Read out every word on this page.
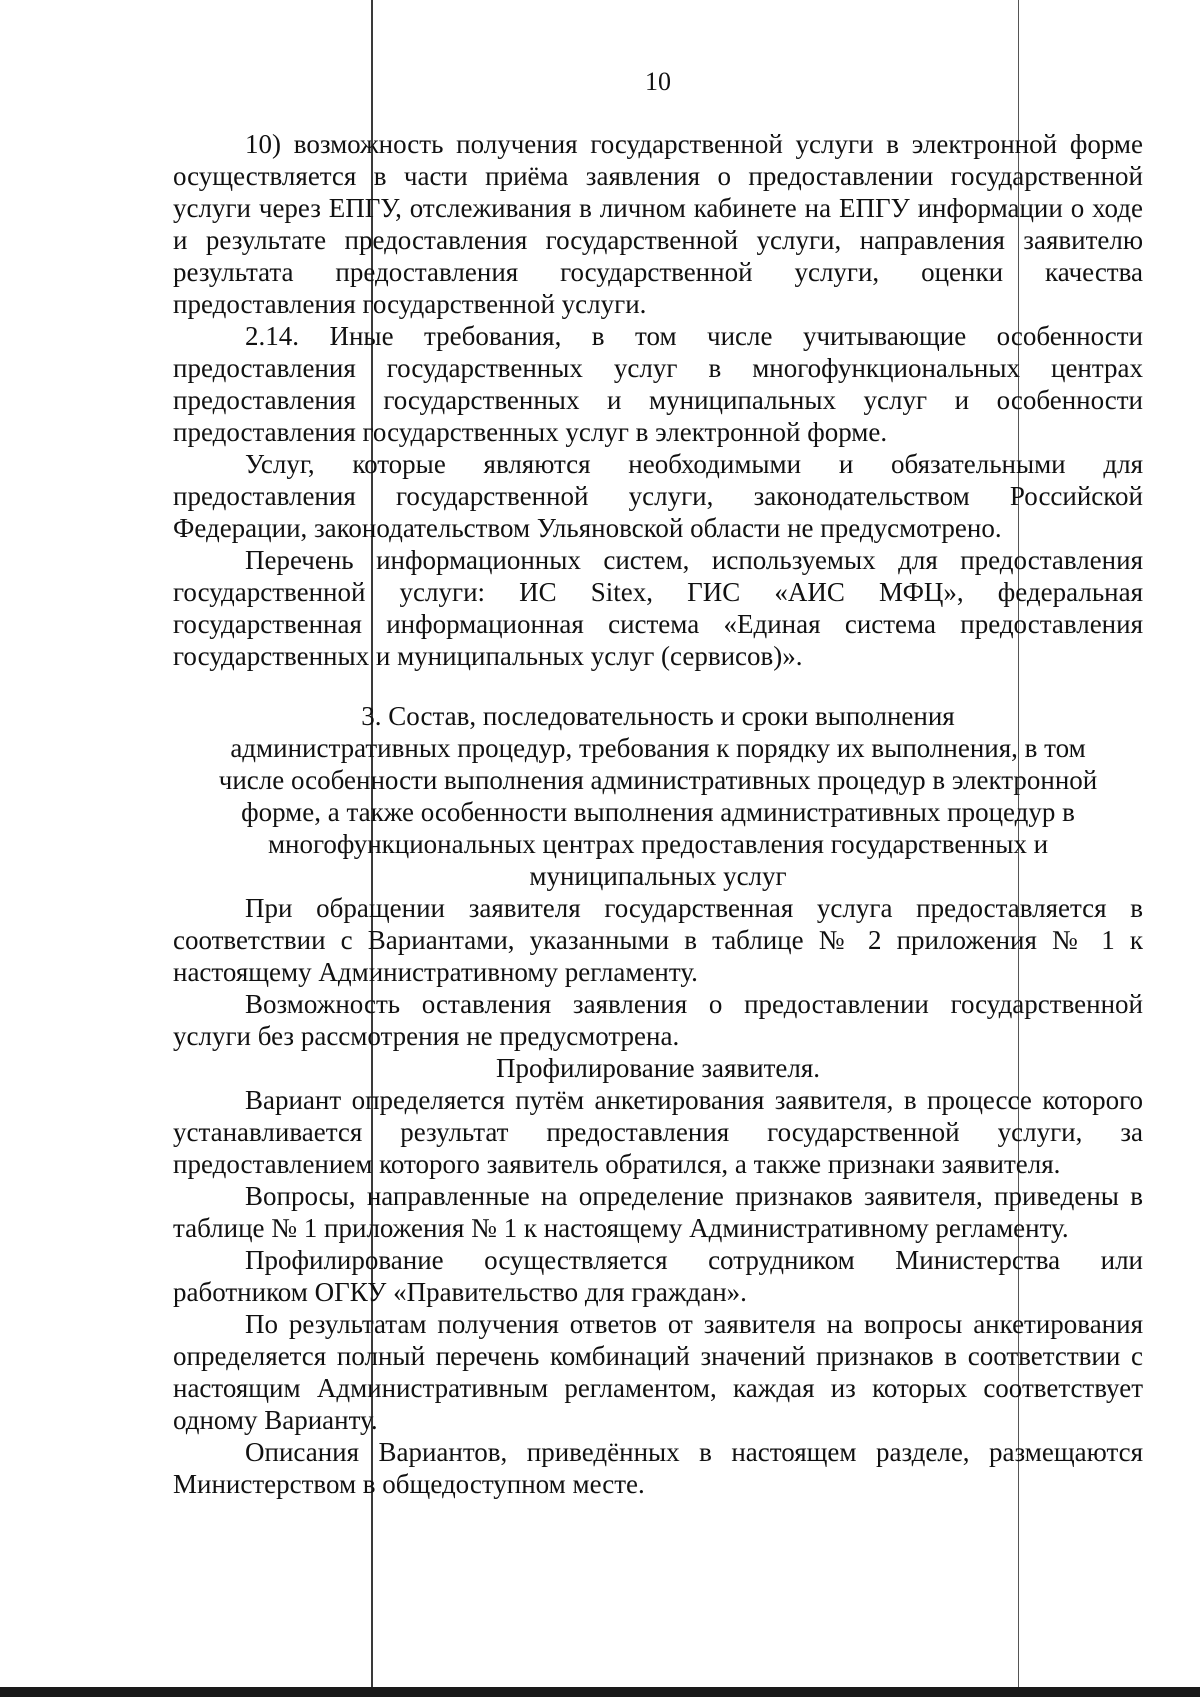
10

10) возможность получения государственной услуги в электронной форме осуществляется в части приёма заявления о предоставлении государственной услуги через ЕПГУ, отслеживания в личном кабинете на ЕПГУ информации о ходе и результате предоставления государственной услуги, направления заявителю результата предоставления государственной услуги, оценки качества предоставления государственной услуги.

2.14. Иные требования, в том числе учитывающие особенности предоставления государственных услуг в многофункциональных центрах предоставления государственных и муниципальных услуг и особенности предоставления государственных услуг в электронной форме.

Услуг, которые являются необходимыми и обязательными для предоставления государственной услуги, законодательством Российской Федерации, законодательством Ульяновской области не предусмотрено.

Перечень информационных систем, используемых для предоставления государственной услуги: ИС Sitex, ГИС «АИС МФЦ», федеральная государственная информационная система «Единая система предоставления государственных и муниципальных услуг (сервисов)».

3. Состав, последовательность и сроки выполнения
административных процедур, требования к порядку их выполнения, в том
числе особенности выполнения административных процедур в электронной
форме, а также особенности выполнения административных процедур в
многофункциональных центрах предоставления государственных и
муниципальных услуг

При обращении заявителя государственная услуга предоставляется в соответствии с Вариантами, указанными в таблице № 2 приложения № 1 к настоящему Административному регламенту.

Возможность оставления заявления о предоставлении государственной услуги без рассмотрения не предусмотрена.

Профилирование заявителя.

Вариант определяется путём анкетирования заявителя, в процессе которого устанавливается результат предоставления государственной услуги, за предоставлением которого заявитель обратился, а также признаки заявителя.

Вопросы, направленные на определение признаков заявителя, приведены в таблице № 1 приложения № 1 к настоящему Административному регламенту.

Профилирование осуществляется сотрудником Министерства или работником ОГКУ «Правительство для граждан».

По результатам получения ответов от заявителя на вопросы анкетирования определяется полный перечень комбинаций значений признаков в соответствии с настоящим Административным регламентом, каждая из которых соответствует одному Варианту.

Описания Вариантов, приведённых в настоящем разделе, размещаются Министерством в общедоступном месте.
